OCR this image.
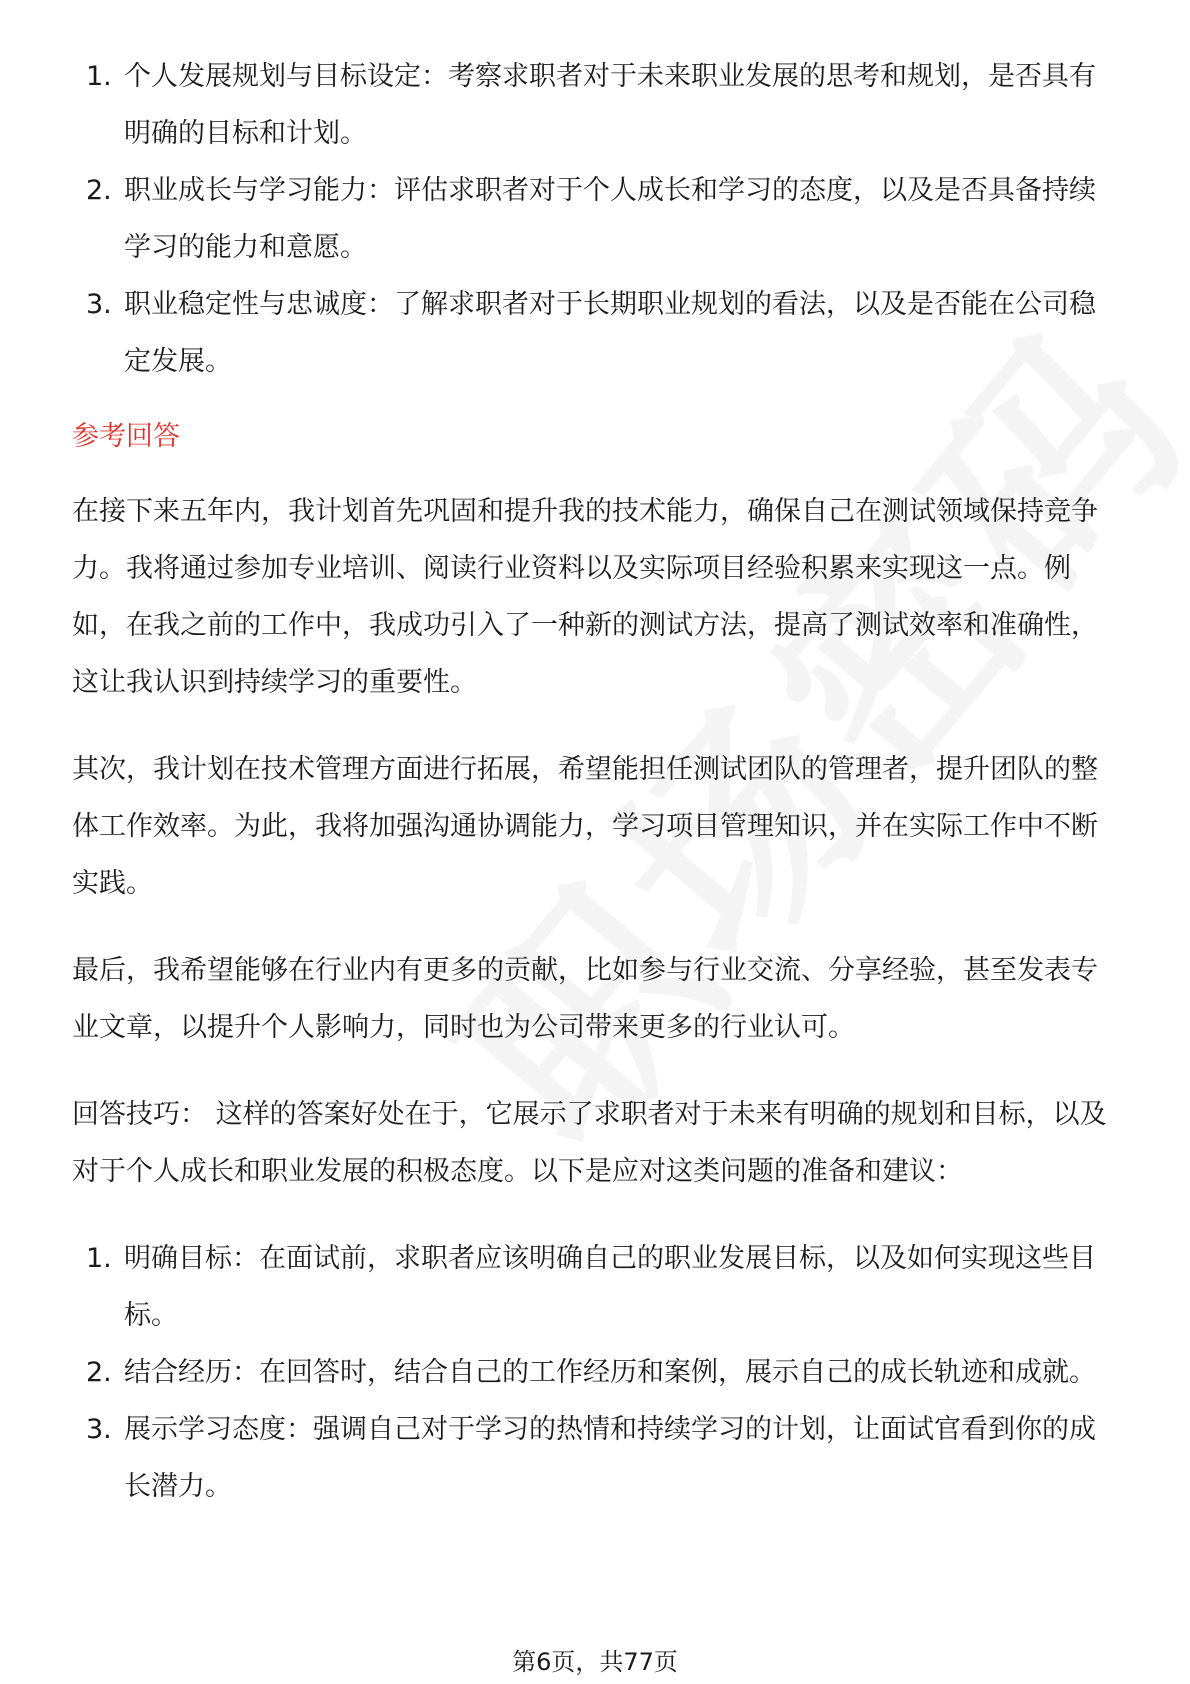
1. 个人发展规划与目标设定：考察求职者对于未来职业发展的思考和规划，是否具有明确的目标和计划。
2. 职业成长与学习能力：评估求职者对于个人成长和学习的态度，以及是否具备持续学习的能力和意愿。
3. 职业稳定性与忠诚度：了解求职者对于长期职业规划的看法，以及是否能在公司稳定发展。

参考回答

在接下来五年内，我计划首先巩固和提升我的技术能力，确保自己在测试领域保持竞争力。我将通过参加专业培训、阅读行业资料以及实际项目经验积累来实现这一点。例如，在我之前的工作中，我成功引入了一种新的测试方法，提高了测试效率和准确性，这让我认识到持续学习的重要性。

其次，我计划在技术管理方面进行拓展，希望能担任测试团队的管理者，提升团队的整体工作效率。为此，我将加强沟通协调能力，学习项目管理知识，并在实际工作中不断实践。

最后，我希望能够在行业内有更多的贡献，比如参与行业交流、分享经验，甚至发表专业文章，以提升个人影响力，同时也为公司带来更多的行业认可。

回答技巧： 这样的答案好处在于，它展示了求职者对于未来有明确的规划和目标，以及对于个人成长和职业发展的积极态度。以下是应对这类问题的准备和建议：

1. 明确目标：在面试前，求职者应该明确自己的职业发展目标，以及如何实现这些目标。
2. 结合经历：在回答时，结合自己的工作经历和案例，展示自己的成长轨迹和成就。
3. 展示学习态度：强调自己对于学习的热情和持续学习的计划，让面试官看到你的成长潜力。
第6页，共77页
